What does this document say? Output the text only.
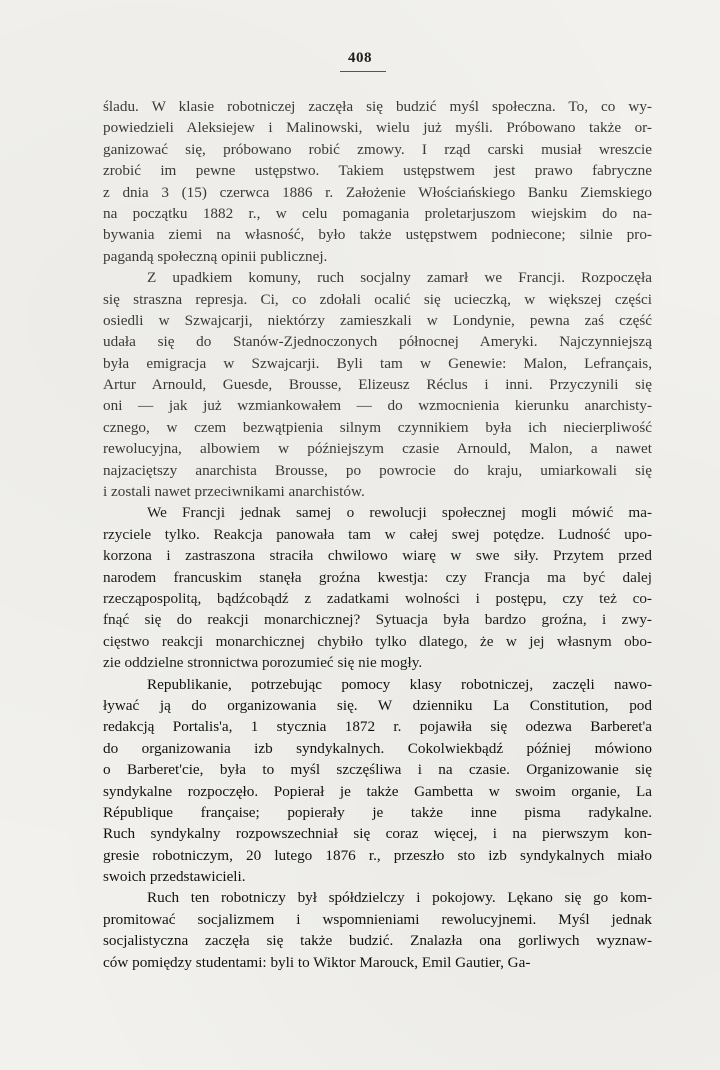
408
śladu. W klasie robotniczej zaczęła się budzić myśl społeczna. To, co wy-
powiedzieli Aleksiejew i Malinowski, wielu już myśli. Próbowano także or-
ganizować się, próbowano robić zmowy. I rząd carski musiał wreszcie
zrobić im pewne ustępstwo. Takiem ustępstwem jest prawo fabryczne
z dnia 3 (15) czerwca 1886 r. Założenie Włościańskiego Banku Ziemskiego
na początku 1882 r., w celu pomagania proletarjuszom wiejskim do na-
bywania ziemi na własność, było także ustępstwem podniecone; silnie pro-
pagandą społeczną opinii publicznej.
Z upadkiem komuny, ruch socjalny zamarł we Francji. Rozpoczęła
się straszna represja. Ci, co zdołali ocalić się ucieczką, w większej części
osiedli w Szwajcarji, niektórzy zamieszkali w Londynie, pewna zaś część
udała się do Stanów-Zjednoczonych północnej Ameryki. Najczynniejszą
była emigracja w Szwajcarji. Byli tam w Genewie: Malon, Lefrançais,
Artur Arnould, Guesde, Brousse, Elizeusz Réclus i inni. Przyczynili się
oni — jak już wzmiankowałem — do wzmocnienia kierunku anarchisty-
cznego, w czem bezwątpienia silnym czynnikiem była ich niecierpliwość
rewolucyjna, albowiem w późniejszym czasie Arnould, Malon, a nawet
najzaciętszy anarchista Brousse, po powrocie do kraju, umiarkowali się
i zostali nawet przeciwnikami anarchistów.
We Francji jednak samej o rewolucji społecznej mogli mówić ma-
rzyciele tylko. Reakcja panowała tam w całej swej potędze. Ludność upo-
korzona i zastraszona straciła chwilowo wiarę w swe siły. Przytem przed
narodem francuskim stanęła groźna kwestja: czy Francja ma być dalej
rzecząpospolitą, bądźcobądź z zadatkami wolności i postępu, czy też co-
fnąć się do reakcji monarchicznej? Sytuacja była bardzo groźna, i zwy-
cięstwo reakcji monarchicznej chybiło tylko dlatego, że w jej własnym obo-
zie oddzielne stronnictwa porozumieć się nie mogły.
Republikanie, potrzebując pomocy klasy robotniczej, zaczęli nawo-
ływać ją do organizowania się. W dzienniku La Constitution, pod
redakcją Portalis'a, 1 stycznia 1872 r. pojawiła się odezwa Barberet'a
do organizowania izb syndykalnych. Cokolwiekbądź później mówiono
o Barberet'cie, była to myśl szczęśliwa i na czasie. Organizowanie się
syndykalne rozpoczęło. Popierał je także Gambetta w swoim organie, La
République française; popierały je także inne pisma radykalne.
Ruch syndykalny rozpowszechniał się coraz więcej, i na pierwszym kon-
gresie robotniczym, 20 lutego 1876 r., przeszło sto izb syndykalnych miało
swoich przedstawicieli.
Ruch ten robotniczy był spółdzielczy i pokojowy. Lękano się go kom-
promitować socjalizmem i wspomnieniami rewolucyjnemi. Myśl jednak
socjalistyczna zaczęła się także budzić. Znalazła ona gorliwych wyznaw-
ców pomiędzy studentami: byli to Wiktor Marouck, Emil Gautier, Ga-
